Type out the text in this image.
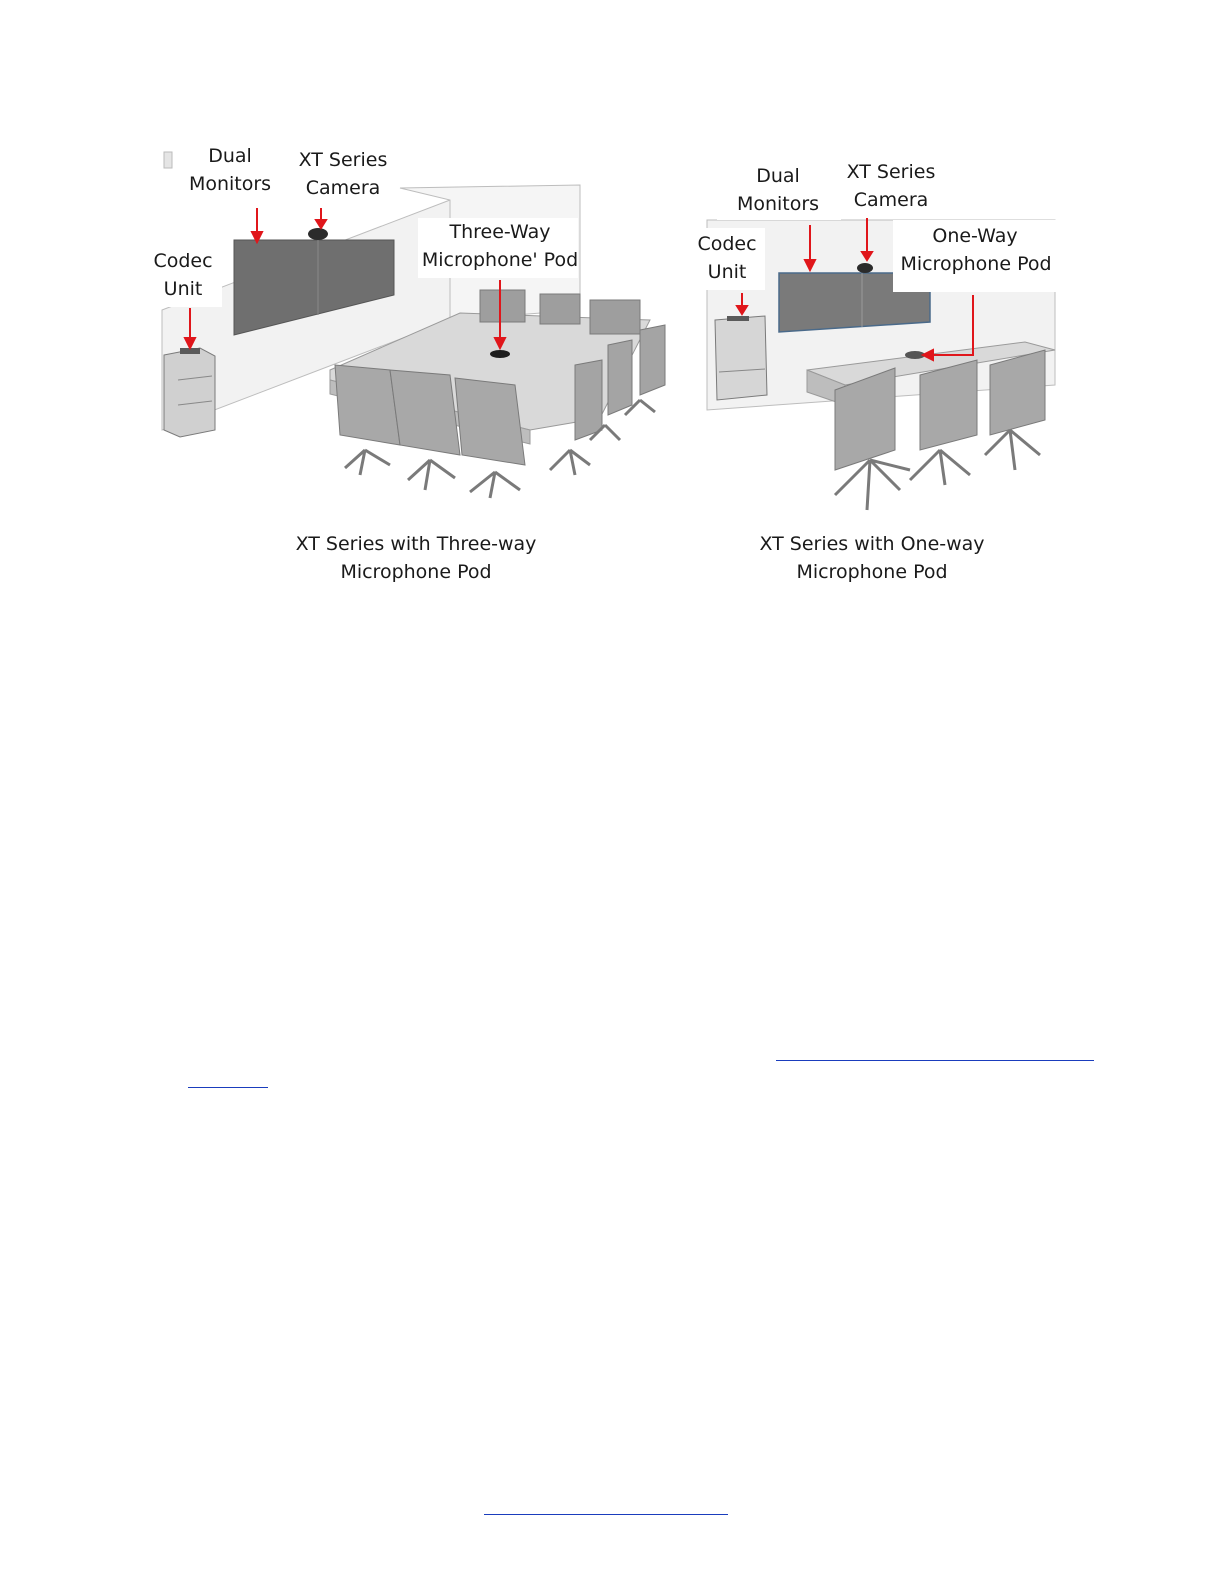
Dual
Monitors
XT Series
Camera
Codec
Unit
Three-Way
Microphone' Pod
XT Series with Three-way
Microphone Pod
Dual
Monitors
XT Series
Camera
Codec
Unit
One-Way
Microphone Pod
XT Series with One-way
Microphone Pod
